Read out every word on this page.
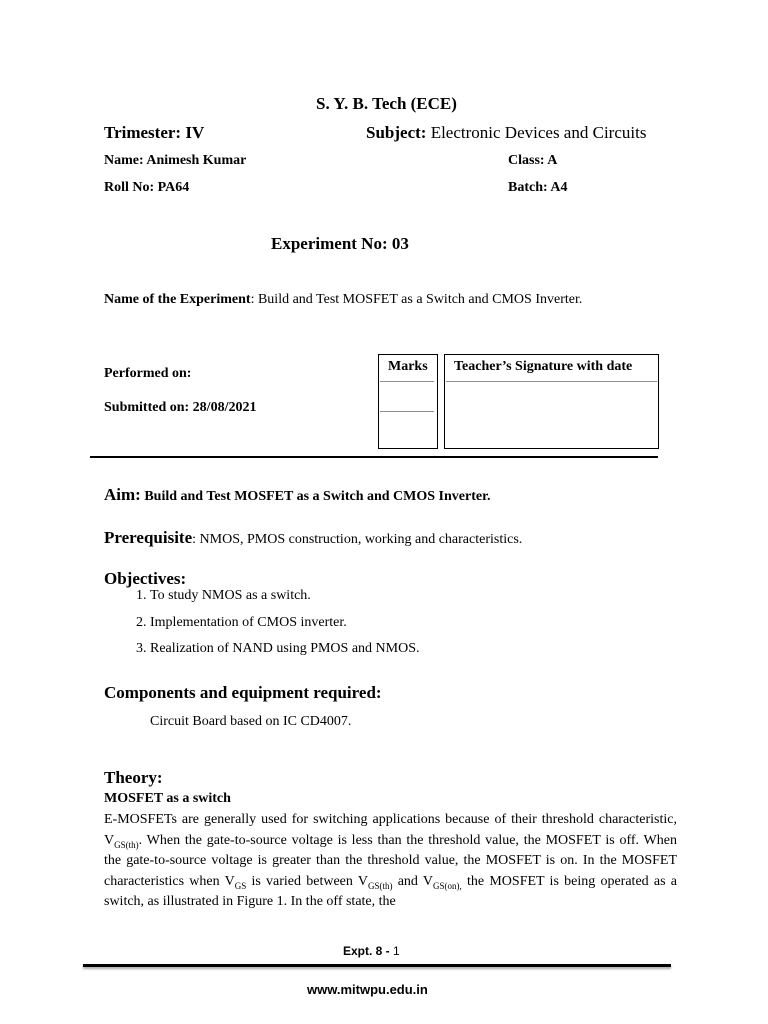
S. Y. B. Tech (ECE)
Trimester: IV	Subject: Electronic Devices and Circuits
Name: Animesh Kumar	Class: A
Roll No: PA64	Batch: A4
Experiment No: 03
Name of the Experiment: Build and Test MOSFET as a Switch and CMOS Inverter.
Performed on:
Submitted on: 28/08/2021
Marks Teacher’s Signature with date
Aim: Build and Test MOSFET as a Switch and CMOS Inverter.
Prerequisite: NMOS, PMOS construction, working and characteristics.
Objectives:
1. To study NMOS as a switch.
2. Implementation of CMOS inverter.
3. Realization of NAND using PMOS and NMOS.
Components and equipment required:
Circuit Board based on IC CD4007.
Theory:
MOSFET as a switch
E-MOSFETs are generally used for switching applications because of their threshold characteristic, $V_{GS(th)}$. When the gate-to-source voltage is less than the threshold value, the MOSFET is off. When the gate-to-source voltage is greater than the threshold value, the MOSFET is on. In the MOSFET characteristics when $V_{GS}$ is varied between $V_{GS(th)}$ and $V_{GS(on),}$ the MOSFET is being operated as a switch, as illustrated in Figure 1. In the off state, the
Expt. 8 - 1
www.mitwpu.edu.in
